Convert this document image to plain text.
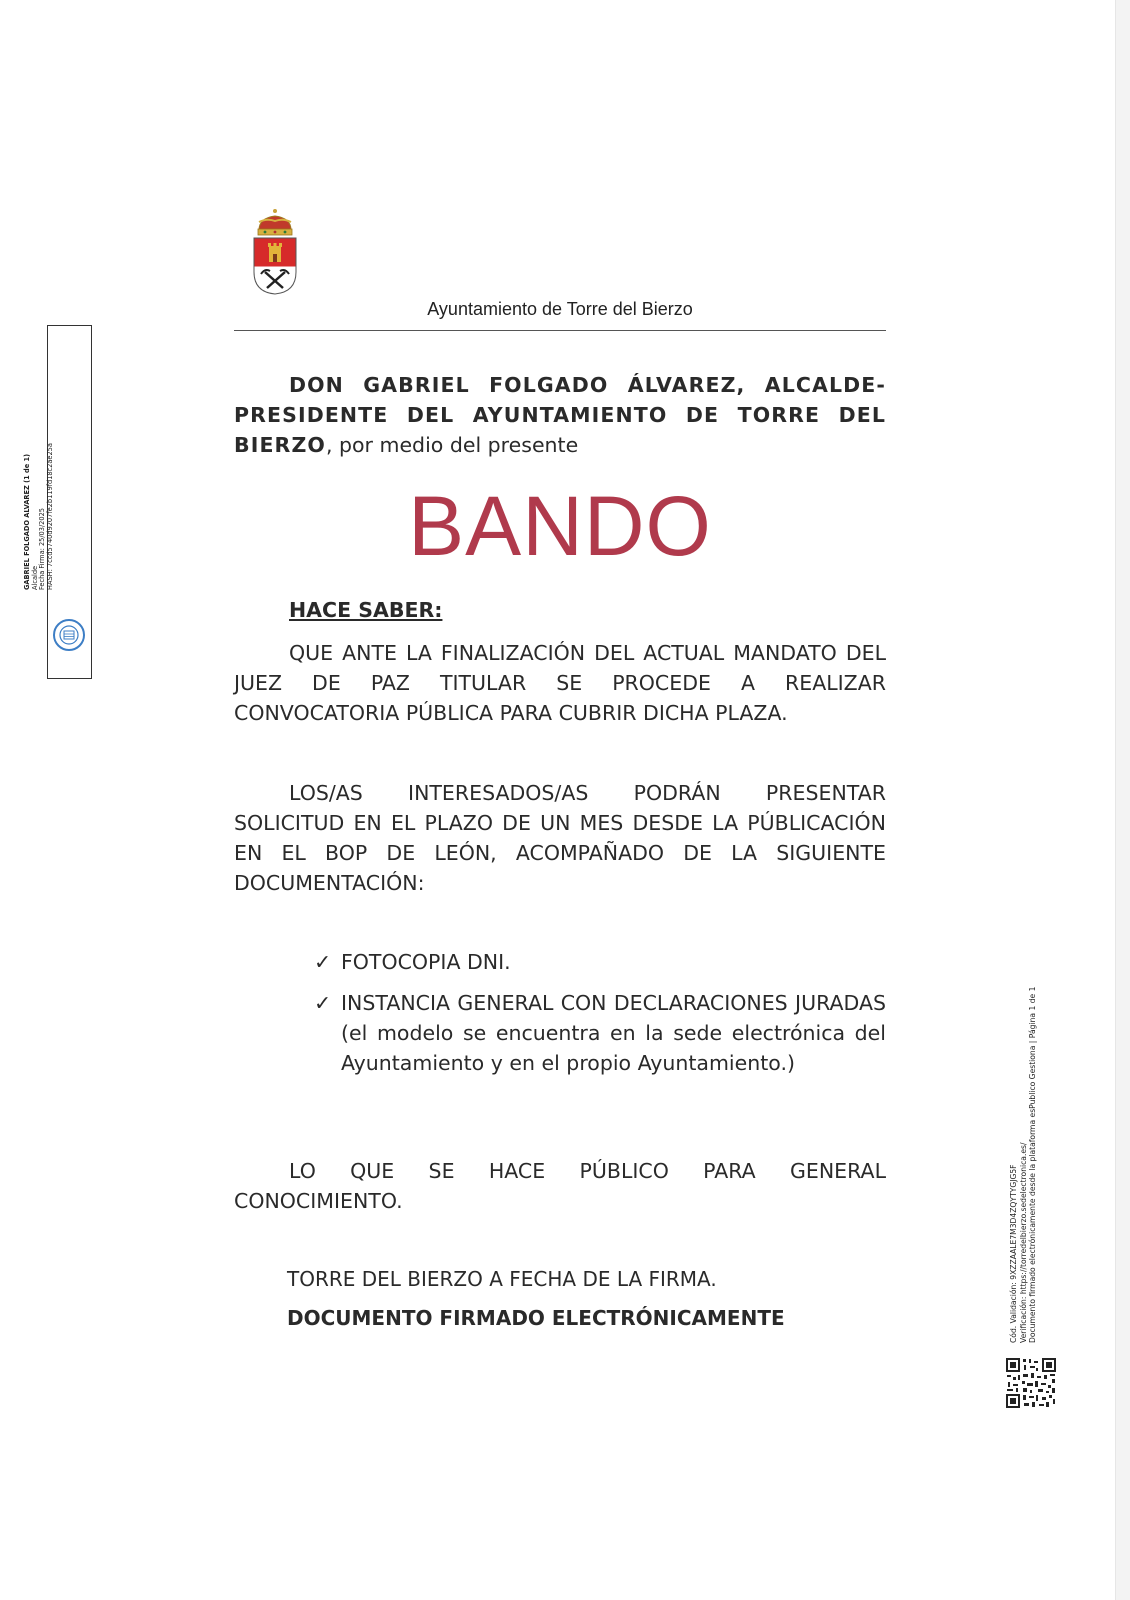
GABRIEL FOLGADO ALVAREZ (1 de 1) Alcalde Fecha Firma: 25/03/2025 HASH: 7ccd5740d9207fe2b119fd18c2ae25a
Ayuntamiento de Torre del Bierzo
DON GABRIEL FOLGADO ÁLVAREZ, ALCALDE-PRESIDENTE DEL AYUNTAMIENTO DE TORRE DEL BIERZO, por medio del presente
BANDO
HACE SABER:
QUE ANTE LA FINALIZACIÓN DEL ACTUAL MANDATO DEL JUEZ DE PAZ TITULAR SE PROCEDE A REALIZAR CONVOCATORIA PÚBLICA PARA CUBRIR DICHA PLAZA.
LOS/AS INTERESADOS/AS PODRÁN PRESENTAR SOLICITUD EN EL PLAZO DE UN MES DESDE LA PÚBLICACIÓN EN EL BOP DE LEÓN, ACOMPAÑADO DE LA SIGUIENTE DOCUMENTACIÓN:
✓ FOTOCOPIA DNI.
✓ INSTANCIA GENERAL CON DECLARACIONES JURADAS (el modelo se encuentra en la sede electrónica del Ayuntamiento y en el propio Ayuntamiento.)
LO QUE SE HACE PÚBLICO PARA GENERAL CONOCIMIENTO.
TORRE DEL BIERZO A FECHA DE LA FIRMA.
DOCUMENTO FIRMADO ELECTRÓNICAMENTE	Cód. Validación: 9XZZAALE7M3D4ZQYTYGJG5F Verificación: https://torredelbierzo.sedelectronica.es/ Documento firmado electrónicamente desde la plataforma esPublico Gestiona | Página 1 de 1
